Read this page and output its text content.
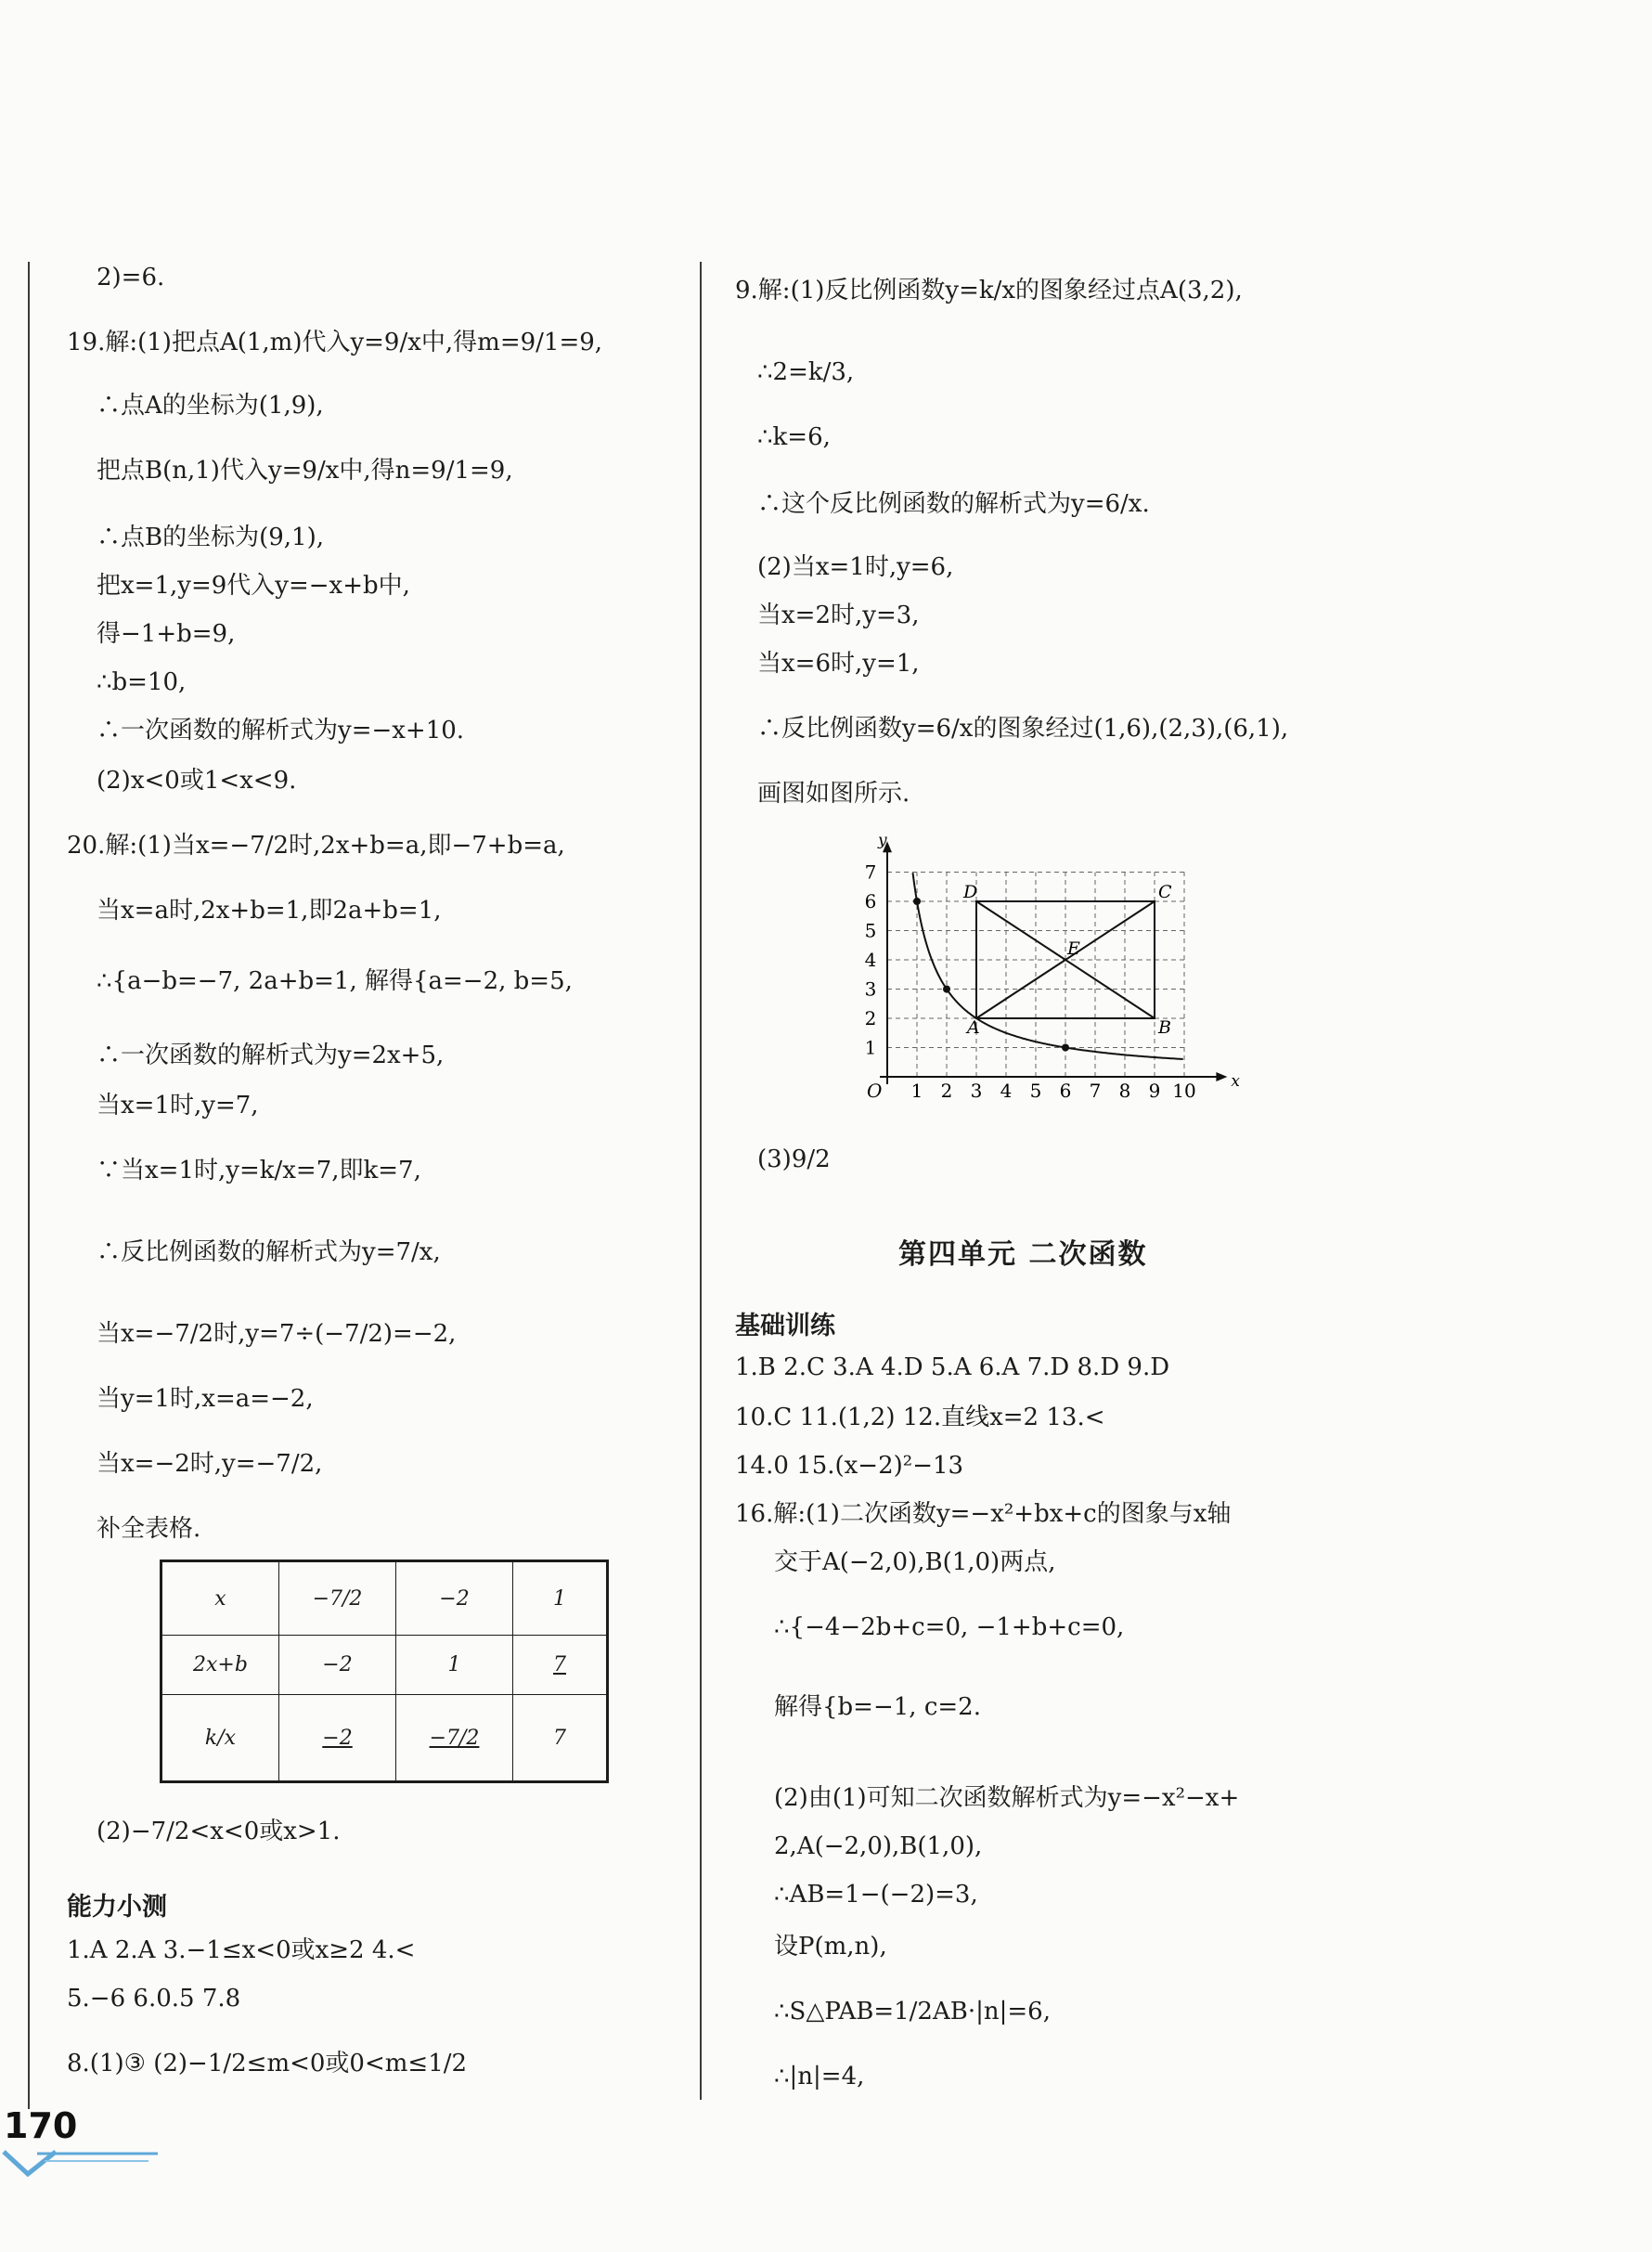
2)=6.
19.解:(1)把点A(1,m)代入y=9/x中,得m=9/1=9,
∴点A的坐标为(1,9),
把点B(n,1)代入y=9/x中,得n=9/1=9,
∴点B的坐标为(9,1),
把x=1,y=9代入y=−x+b中,
得−1+b=9,
∴b=10,
∴一次函数的解析式为y=−x+10.
(2)x<0或1<x<9.
20.解:(1)当x=−7/2时,2x+b=a,即−7+b=a,
当x=a时,2x+b=1,即2a+b=1,
∴{a−b=−7, 2a+b=1, 解得{a=−2, b=5,
∴一次函数的解析式为y=2x+5,
当x=1时,y=7,
∵当x=1时,y=k/x=7,即k=7,
∴反比例函数的解析式为y=7/x,
当x=−7/2时,y=7÷(−7/2)=−2,
当y=1时,x=a=−2,
当x=−2时,y=−7/2,
补全表格.
x	−7/2	−2	1
2x+b	−2	1	7
k/x	−2	−7/2	7
(2)−7/2<x<0或x>1.
能力小测
1.A 2.A 3.−1≤x<0或x≥2 4.<
5.−6 6.0.5 7.8
8.(1)③ (2)−1/2≤m<0或0<m≤1/2
170
9.解:(1)反比例函数y=k/x的图象经过点A(3,2),
∴2=k/3,
∴k=6,
∴这个反比例函数的解析式为y=6/x.
(2)当x=1时,y=6,
当x=2时,y=3,
当x=6时,y=1,
∴反比例函数y=6/x的图象经过(1,6),(2,3),(6,1),
画图如图所示.
x
y
O 1 2 3 4 5 6 7 8 9 10
1
2
3
4
5
6
7
A	B
C
D
E
(3)9/2
第四单元 二次函数
基础训练
1.B 2.C 3.A 4.D 5.A 6.A 7.D 8.D 9.D
10.C 11.(1,2) 12.直线x=2 13.<
14.0 15.(x−2)²−13
16.解:(1)二次函数y=−x²+bx+c的图象与x轴
交于A(−2,0),B(1,0)两点,
∴{−4−2b+c=0, −1+b+c=0,
解得{b=−1, c=2.
(2)由(1)可知二次函数解析式为y=−x²−x+
2,A(−2,0),B(1,0),
∴AB=1−(−2)=3,
设P(m,n),
∴S△PAB=1/2AB·|n|=6,
∴|n|=4,
